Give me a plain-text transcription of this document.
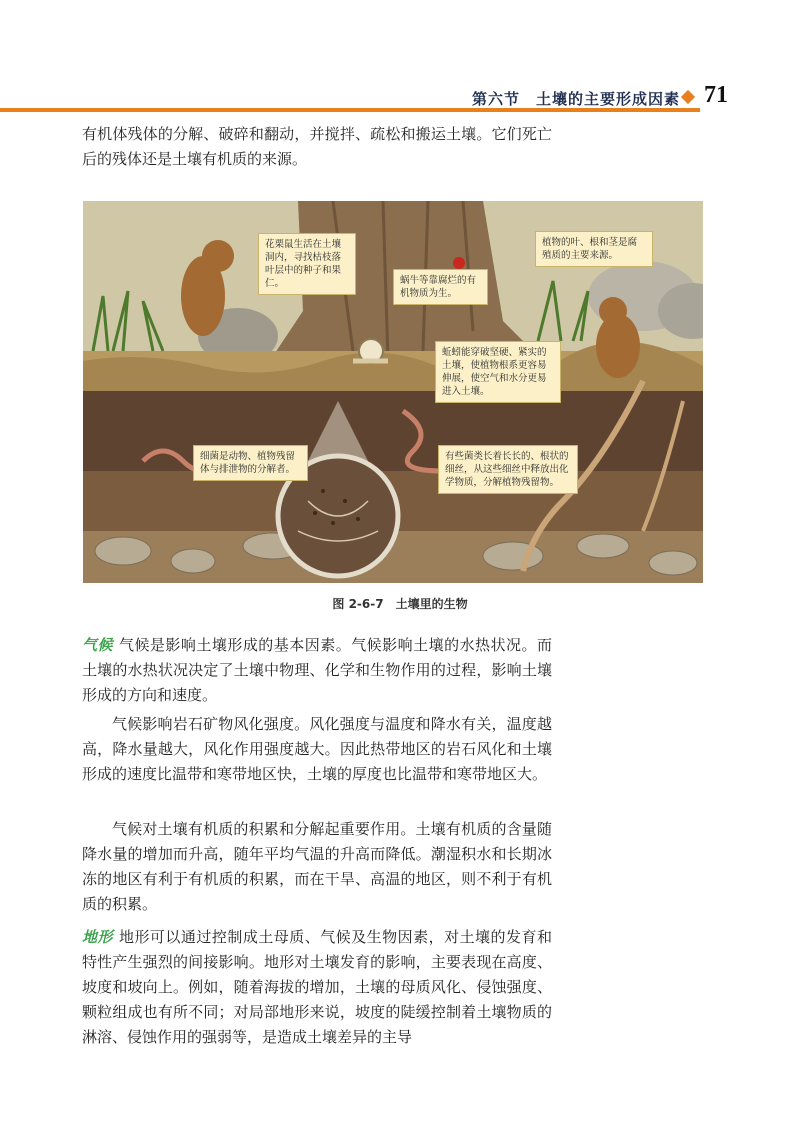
第六节　土壤的主要形成因素 71

有机体残体的分解、破碎和翻动，并搅拌、疏松和搬运土壤。它们死亡后的残体还是土壤有机质的来源。

花栗鼠生活在土壤洞内，寻找枯枝落叶层中的种子和果仁。	蜗牛等靠腐烂的有机物质为生。
植物的叶、根和茎是腐殖质的主要来源。
蚯蚓能穿破坚硬、紧实的土壤，使植物根系更容易伸展，使空气和水分更易进入土壤。
细菌是动物、植物残留体与排泄物的分解者。
有些菌类长着长长的、根状的细丝，从这些细丝中释放出化学物质，分解植物残留物。
图 2-6-7　土壤里的生物

气候 气候是影响土壤形成的基本因素。气候影响土壤的水热状况。而土壤的水热状况决定了土壤中物理、化学和生物作用的过程，影响土壤形成的方向和速度。

气候影响岩石矿物风化强度。风化强度与温度和降水有关，温度越高，降水量越大，风化作用强度越大。因此热带地区的岩石风化和土壤形成的速度比温带和寒带地区快，土壤的厚度也比温带和寒带地区大。

气候对土壤有机质的积累和分解起重要作用。土壤有机质的含量随降水量的增加而升高，随年平均气温的升高而降低。潮湿积水和长期冰冻的地区有利于有机质的积累，而在干旱、高温的地区，则不利于有机质的积累。

地形 地形可以通过控制成土母质、气候及生物因素，对土壤的发育和特性产生强烈的间接影响。地形对土壤发育的影响，主要表现在高度、坡度和坡向上。例如，随着海拔的增加，土壤的母质风化、侵蚀强度、颗粒组成也有所不同；对局部地形来说，坡度的陡缓控制着土壤物质的淋溶、侵蚀作用的强弱等，是造成土壤差异的主导
